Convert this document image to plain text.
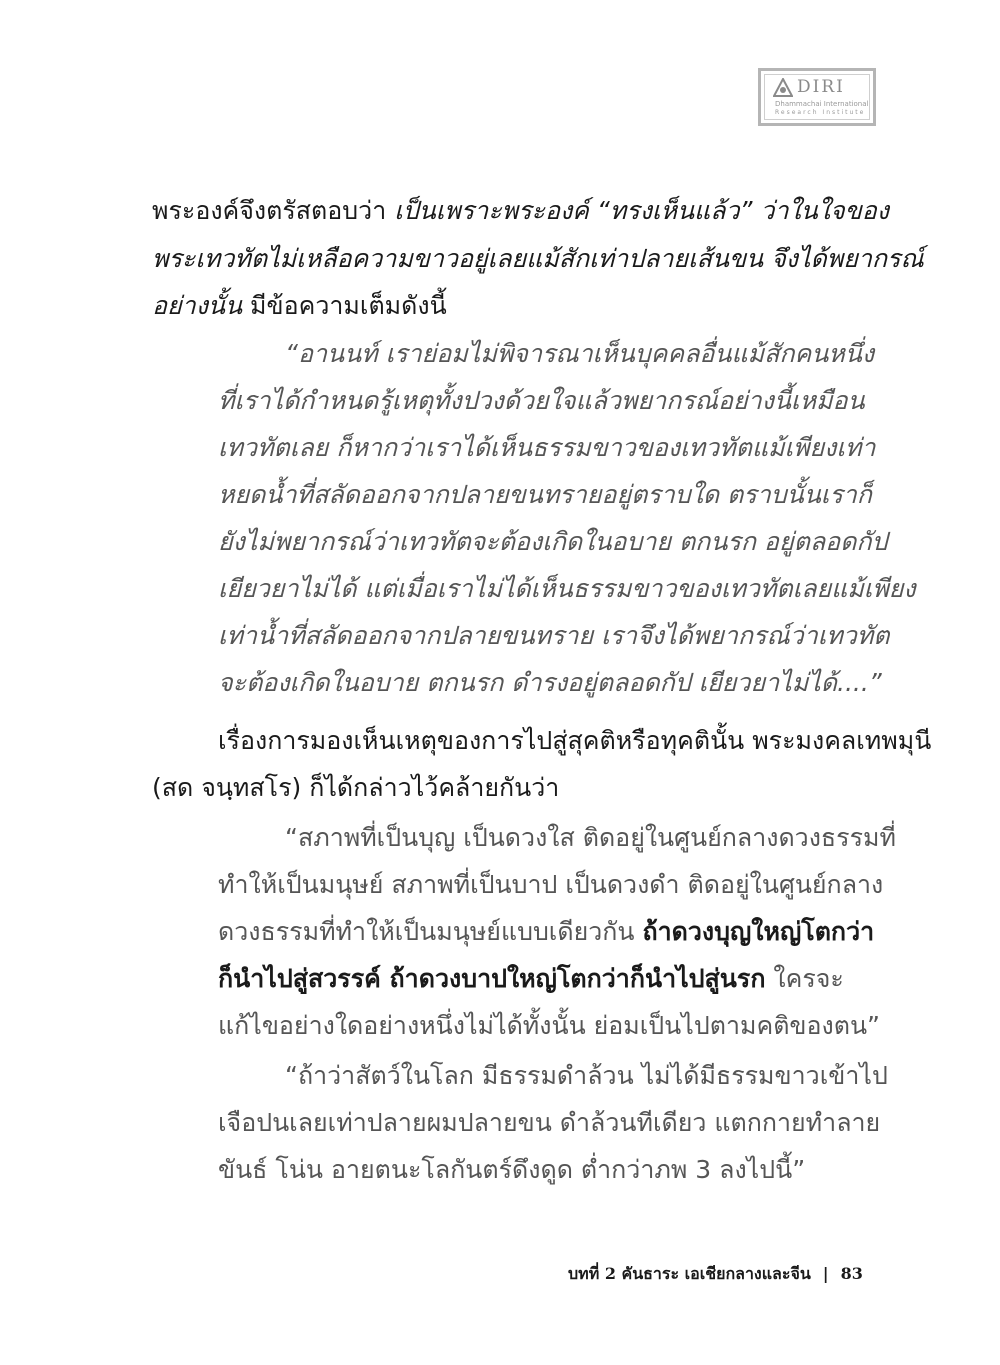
DIRI
Dhammachai International
Research Institute
พระองค์จึงตรัสตอบว่า เป็นเพราะพระองค์ “ทรงเห็นแล้ว” ว่าในใจของ
พระเทวทัตไม่เหลือความขาวอยู่เลยแม้สักเท่าปลายเส้นขน จึงได้พยากรณ์
อย่างนั้น มีข้อความเต็มดังนี้
“อานนท์ เราย่อมไม่พิจารณาเห็นบุคคลอื่นแม้สักคนหนึ่ง
ที่เราได้กำหนดรู้เหตุทั้งปวงด้วยใจแล้วพยากรณ์อย่างนี้เหมือน
เทวทัตเลย ก็หากว่าเราได้เห็นธรรมขาวของเทวทัตแม้เพียงเท่า
หยดน้ำที่สลัดออกจากปลายขนทรายอยู่ตราบใด ตราบนั้นเราก็
ยังไม่พยากรณ์ว่าเทวทัตจะต้องเกิดในอบาย ตกนรก อยู่ตลอดกัป
เยียวยาไม่ได้ แต่เมื่อเราไม่ได้เห็นธรรมขาวของเทวทัตเลยแม้เพียง
เท่าน้ำที่สลัดออกจากปลายขนทราย เราจึงได้พยากรณ์ว่าเทวทัต
จะต้องเกิดในอบาย ตกนรก ดำรงอยู่ตลอดกัป เยียวยาไม่ได้....”
เรื่องการมองเห็นเหตุของการไปสู่สุคติหรือทุคตินั้น พระมงคลเทพมุนี
(สด จนฺทสโร) ก็ได้กล่าวไว้คล้ายกันว่า
“สภาพที่เป็นบุญ เป็นดวงใส ติดอยู่ในศูนย์กลางดวงธรรมที่
ทำให้เป็นมนุษย์ สภาพที่เป็นบาป เป็นดวงดำ ติดอยู่ในศูนย์กลาง
ดวงธรรมที่ทำให้เป็นมนุษย์แบบเดียวกัน ถ้าดวงบุญใหญ่โตกว่า
ก็นำไปสู่สวรรค์ ถ้าดวงบาปใหญ่โตกว่าก็นำไปสู่นรก ใครจะ
แก้ไขอย่างใดอย่างหนึ่งไม่ได้ทั้งนั้น ย่อมเป็นไปตามคติของตน”
“ถ้าว่าสัตว์ในโลก มีธรรมดำล้วน ไม่ได้มีธรรมขาวเข้าไป
เจือปนเลยเท่าปลายผมปลายขน ดำล้วนทีเดียว แตกกายทำลาย
ขันธ์ โน่น อายตนะโลกันตร์ดึงดูด ต่ำกว่าภพ 3 ลงไปนี้”
บทที่ 2 คันธาระ เอเชียกลางและจีน | 83
